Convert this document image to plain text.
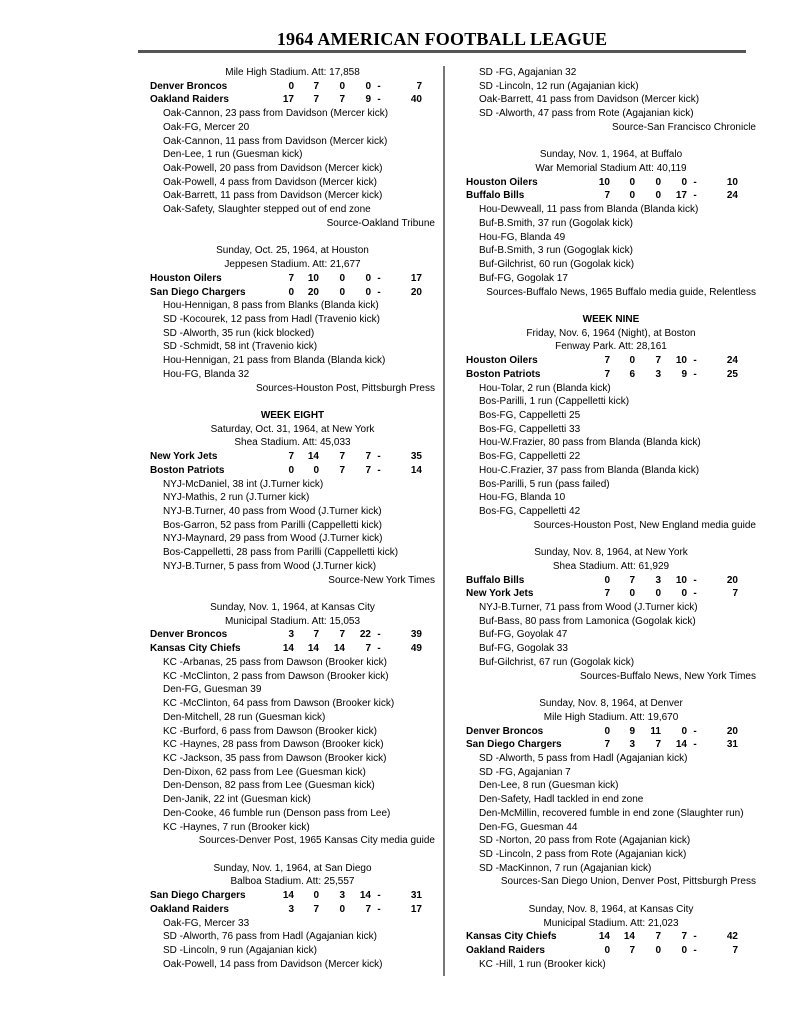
1964 AMERICAN FOOTBALL LEAGUE
Mile High Stadium. Att: 17,858
Denver Broncos	0	7	0	0 -	7
Oakland Raiders	17	7	7	9 -	40
Oak-Cannon, 23 pass from Davidson (Mercer kick)
Oak-FG, Mercer 20
Oak-Cannon, 11 pass from Davidson (Mercer kick)
Den-Lee, 1 run (Guesman kick)
Oak-Powell, 20 pass from Davidson (Mercer kick)
Oak-Powell, 4 pass from Davidson (Mercer kick)
Oak-Barrett, 11 pass from Davidson (Mercer kick)
Oak-Safety, Slaughter stepped out of end zone
Source-Oakland Tribune
Sunday, Oct. 25, 1964, at Houston
Jeppesen Stadium. Att: 21,677
Houston Oilers	7	10	0	0 -	17
San Diego Chargers	0	20	0	0 -	20
Hou-Hennigan, 8 pass from Blanks (Blanda kick)
SD -Kocourek, 12 pass from Hadl (Travenio kick)
SD -Alworth, 35 run (kick blocked)
SD -Schmidt, 58 int (Travenio kick)
Hou-Hennigan, 21 pass from Blanda (Blanda kick)
Hou-FG, Blanda 32
Sources-Houston Post, Pittsburgh Press
WEEK EIGHT
Saturday, Oct. 31, 1964, at New York
Shea Stadium. Att: 45,033
New York Jets	7	14	7	7 -	35
Boston Patriots	0	0	7	7 -	14
NYJ-McDaniel, 38 int (J.Turner kick)
NYJ-Mathis, 2 run (J.Turner kick)
NYJ-B.Turner, 40 pass from Wood (J.Turner kick)
Bos-Garron, 52 pass from Parilli (Cappelletti kick)
NYJ-Maynard, 29 pass from Wood (J.Turner kick)
Bos-Cappelletti, 28 pass from Parilli (Cappelletti kick)
NYJ-B.Turner, 5 pass from Wood (J.Turner kick)
Source-New York Times
Sunday, Nov. 1, 1964, at Kansas City
Municipal Stadium. Att: 15,053
Denver Broncos	3	7	7	22 -	39
Kansas City Chiefs	14	14	14	7 -	49
KC -Arbanas, 25 pass from Dawson (Brooker kick)
KC -McClinton, 2 pass from Dawson (Brooker kick)
Den-FG, Guesman 39
KC -McClinton, 64 pass from Dawson (Brooker kick)
Den-Mitchell, 28 run (Guesman kick)
KC -Burford, 6 pass from Dawson (Brooker kick)
KC -Haynes, 28 pass from Dawson (Brooker kick)
KC -Jackson, 35 pass from Dawson (Brooker kick)
Den-Dixon, 62 pass from Lee (Guesman kick)
Den-Denson, 82 pass from Lee (Guesman kick)
Den-Janik, 22 int (Guesman kick)
Den-Cooke, 46 fumble run (Denson pass from Lee)
KC -Haynes, 7 run (Brooker kick)
Sources-Denver Post, 1965 Kansas City media guide
Sunday, Nov. 1, 1964, at San Diego
Balboa Stadium. Att: 25,557
San Diego Chargers	14	0	3	14 -	31
Oakland Raiders	3	7	0	7 -	17
Oak-FG, Mercer 33
SD -Alworth, 76 pass from Hadl (Agajanian kick)
SD -Lincoln, 9 run (Agajanian kick)
Oak-Powell, 14 pass from Davidson (Mercer kick)
SD -FG, Agajanian 32
SD -Lincoln, 12 run (Agajanian kick)
Oak-Barrett, 41 pass from Davidson (Mercer kick)
SD -Alworth, 47 pass from Rote (Agajanian kick)
Source-San Francisco Chronicle
Sunday, Nov. 1, 1964, at Buffalo
War Memorial Stadium Att: 40,119
Houston Oilers	10	0	0	0 -	10
Buffalo Bills	7	0	0	17 -	24
Hou-Dewveall, 11 pass from Blanda (Blanda kick)
Buf-B.Smith, 37 run (Gogolak kick)
Hou-FG, Blanda 49
Buf-B.Smith, 3 run (Gogoglak kick)
Buf-Gilchrist, 60 run (Gogolak kick)
Buf-FG, Gogolak 17
Sources-Buffalo News, 1965 Buffalo media guide, Relentless
WEEK NINE
Friday, Nov. 6, 1964 (Night), at Boston
Fenway Park. Att: 28,161
Houston Oilers	7	0	7	10 -	24
Boston Patriots	7	6	3	9 -	25
Hou-Tolar, 2 run (Blanda kick)
Bos-Parilli, 1 run (Cappelletti kick)
Bos-FG, Cappelletti 25
Bos-FG, Cappelletti 33
Hou-W.Frazier, 80 pass from Blanda (Blanda kick)
Bos-FG, Cappelletti 22
Hou-C.Frazier, 37 pass from Blanda (Blanda kick)
Bos-Parilli, 5 run (pass failed)
Hou-FG, Blanda 10
Bos-FG, Cappelletti 42
Sources-Houston Post, New England media guide
Sunday, Nov. 8, 1964, at New York
Shea Stadium. Att: 61,929
Buffalo Bills	0	7	3	10 -	20
New York Jets	7	0	0	0 -	7
NYJ-B.Turner, 71 pass from Wood (J.Turner kick)
Buf-Bass, 80 pass from Lamonica (Gogolak kick)
Buf-FG, Goyolak 47
Buf-FG, Gogolak 33
Buf-Gilchrist, 67 run (Gogolak kick)
Sources-Buffalo News, New York Times
Sunday, Nov. 8, 1964, at Denver
Mile High Stadium. Att: 19,670
Denver Broncos	0	9	11	0 -	20
San Diego Chargers	7	3	7	14 -	31
SD -Alworth, 5 pass from Hadl (Agajanian kick)
SD -FG, Agajanian 7
Den-Lee, 8 run (Guesman kick)
Den-Safety, Hadl tackled in end zone
Den-McMillin, recovered fumble in end zone (Slaughter run)
Den-FG, Guesman 44
SD -Norton, 20 pass from Rote (Agajanian kick)
SD -Lincoln, 2 pass from Rote (Agajanian kick)
SD -MacKinnon, 7 run (Agajanian kick)
Sources-San Diego Union, Denver Post, Pittsburgh Press
Sunday, Nov. 8, 1964, at Kansas City
Municipal Stadium. Att: 21,023
Kansas City Chiefs	14	14	7	7 -	42
Oakland Raiders	0	7	0	0 -	7
KC -Hill, 1 run (Brooker kick)
